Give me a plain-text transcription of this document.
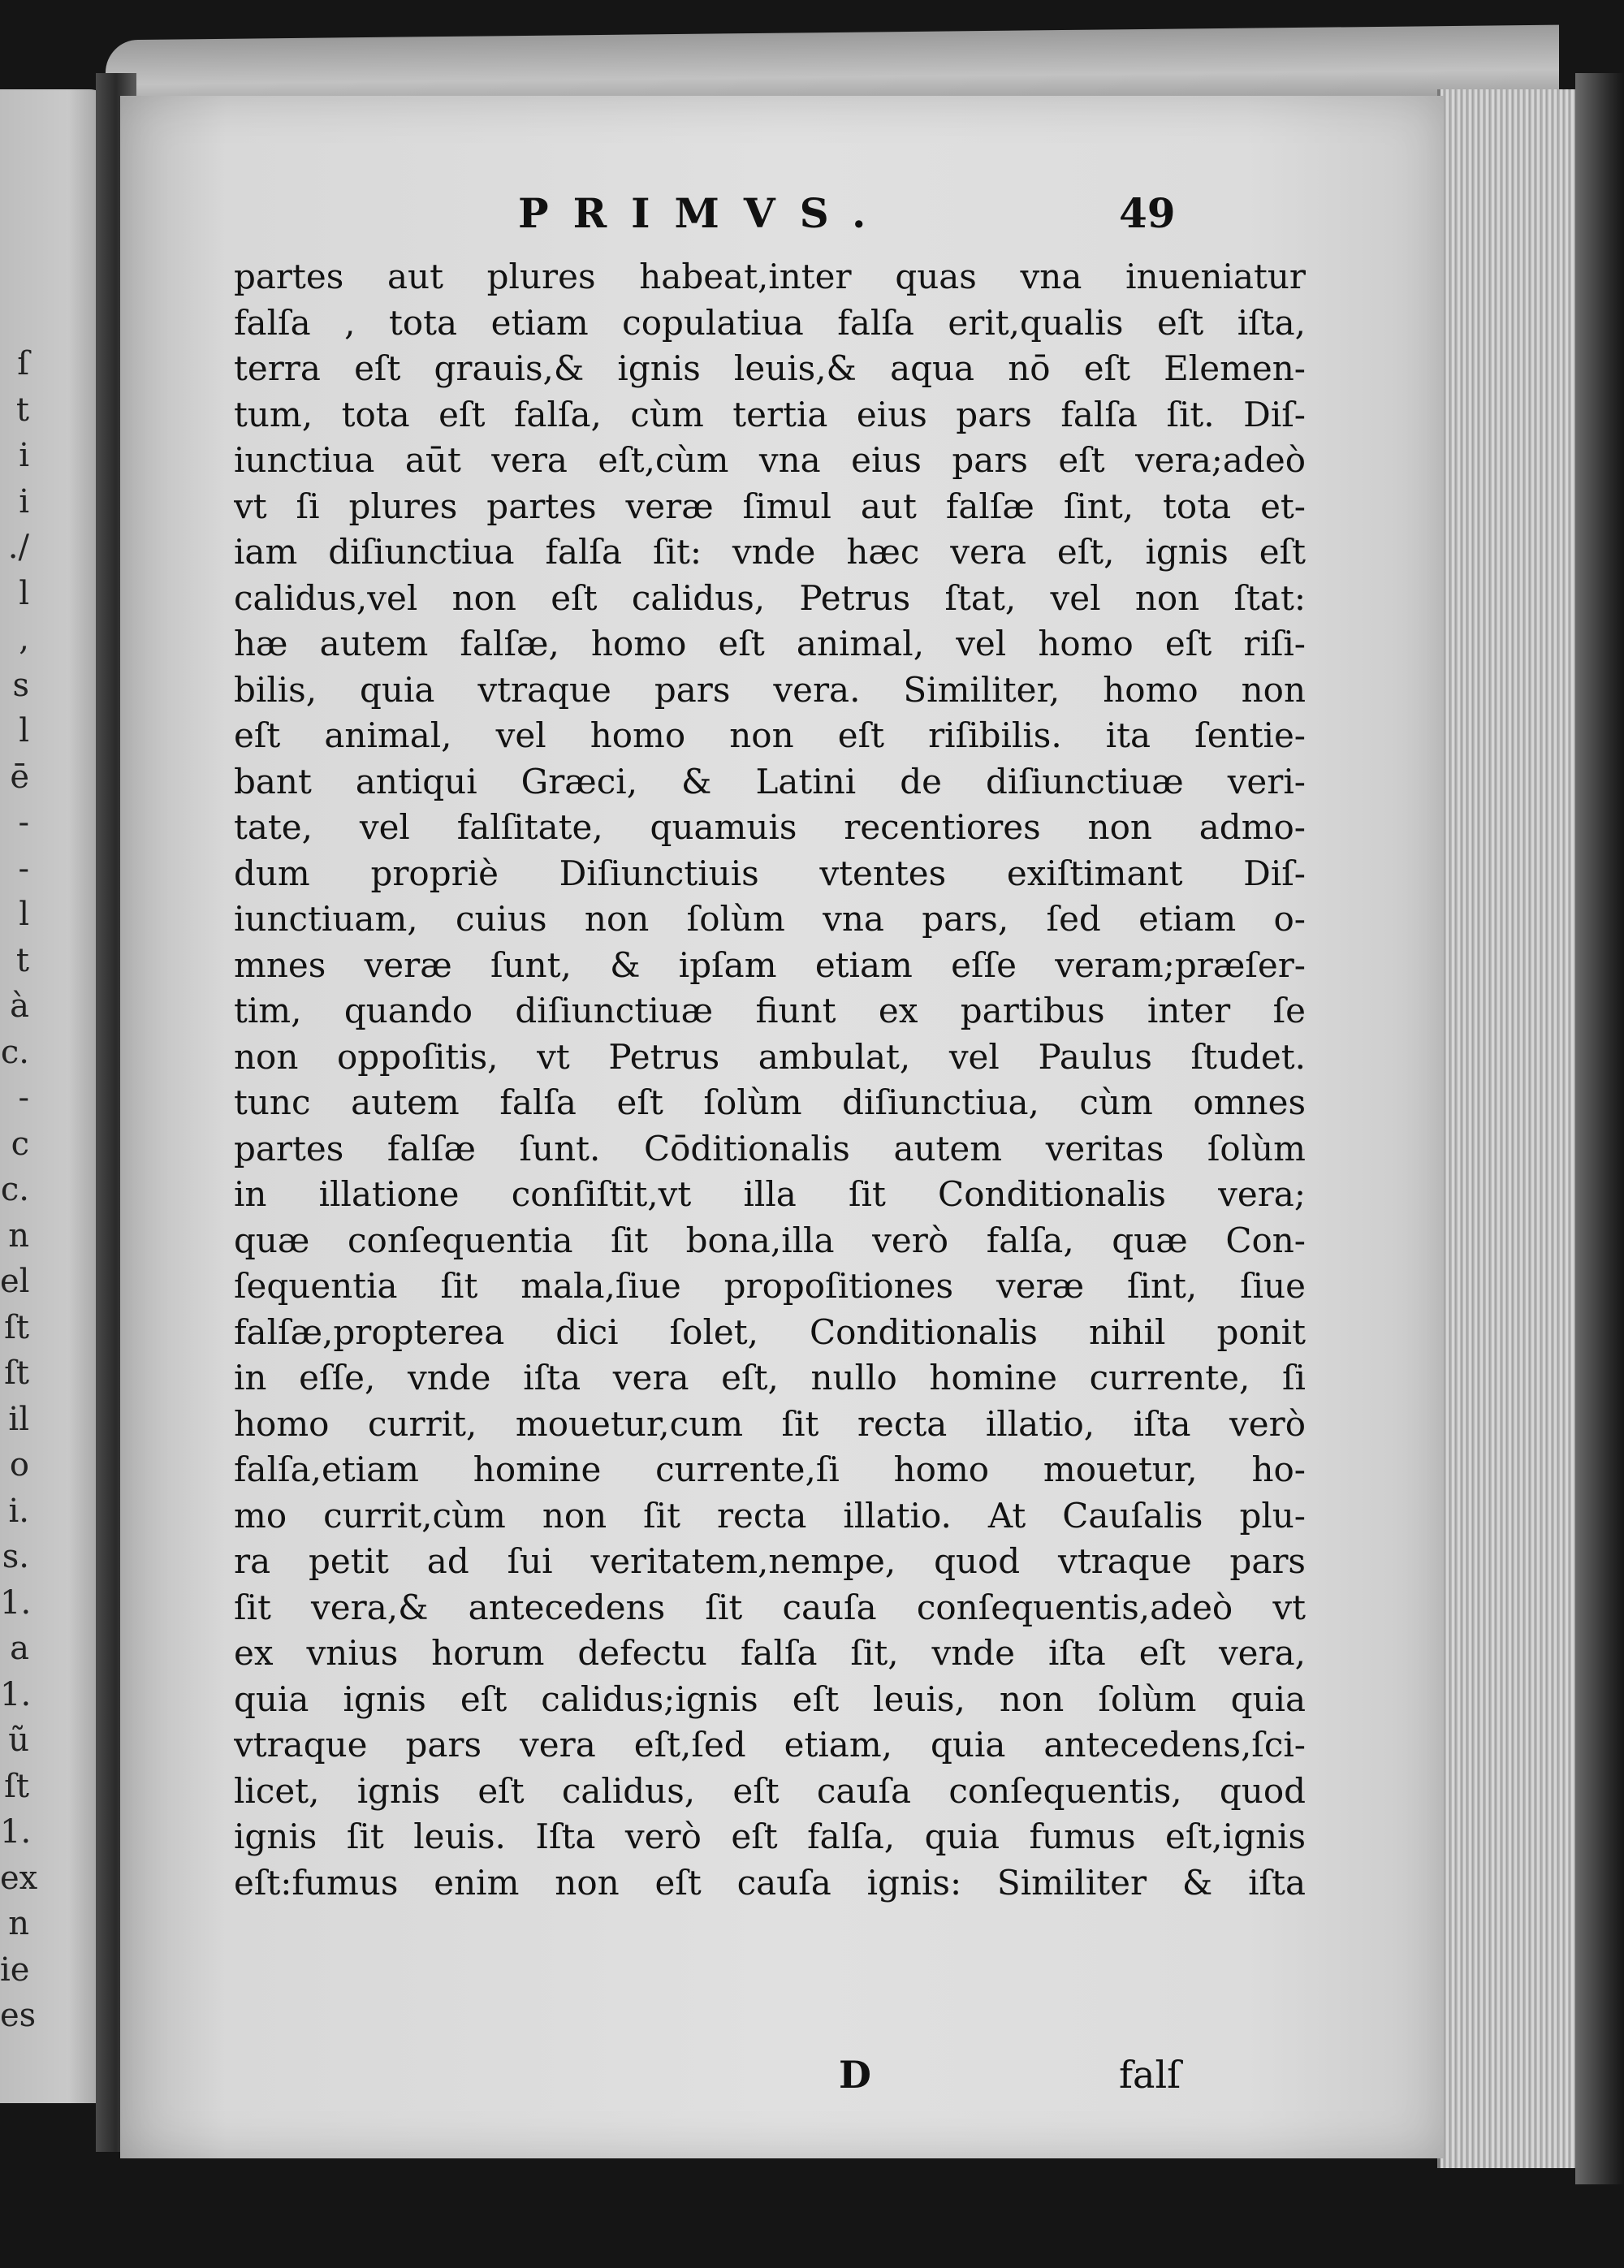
ſ
t
i
i
./
l
,
s
l
ē
-
-
l
t
à
c.
-
c
c.
n
el
ſt
ſt
il
o
i.
s.
1.
a
1.
ũ
ſt
1.
ex
n
ie
es
PRIMVS.	49
partes aut plures habeat,inter quas vna inueniatur
falſa , tota etiam copulatiua falſa erit,qualis eſt iſta,
terra eſt grauis,& ignis leuis,& aqua nō eſt Elemen-
tum, tota eſt falſa, cùm tertia eius pars falſa ſit. Diſ-
iunctiua aūt vera eſt,cùm vna eius pars eſt vera;adeò
vt ſi plures partes veræ ſimul aut falſæ ſint, tota et-
iam diſiunctiua falſa ſit: vnde hæc vera eſt, ignis eſt
calidus,vel non eſt calidus, Petrus ſtat, vel non ſtat:
hæ autem falſæ, homo eſt animal, vel homo eſt riſi-
bilis, quia vtraque pars vera. Similiter, homo non
eſt animal, vel homo non eſt riſibilis. ita ſentie-
bant antiqui Græci, & Latini de diſiunctiuæ veri-
tate, vel falſitate, quamuis recentiores non admo-
dum propriè Diſiunctiuis vtentes exiſtimant Diſ-
iunctiuam, cuius non ſolùm vna pars, ſed etiam o-
mnes veræ ſunt, & ipſam etiam eſſe veram;præſer-
tim, quando diſiunctiuæ fiunt ex partibus inter ſe
non oppoſitis, vt Petrus ambulat, vel Paulus ſtudet.
tunc autem falſa eſt ſolùm diſiunctiua, cùm omnes
partes falſæ ſunt. Cōditionalis autem veritas ſolùm
in illatione conſiſtit,vt illa ſit Conditionalis vera;
quæ conſequentia ſit bona,illa verò falſa, quæ Con-
ſequentia ſit mala,ſiue propoſitiones veræ ſint, ſiue
falſæ,propterea dici ſolet, Conditionalis nihil ponit
in eſſe, vnde iſta vera eſt, nullo homine currente, ſi
homo currit, mouetur,cum ſit recta illatio, iſta verò
falſa,etiam homine currente,ſi homo mouetur, ho-
mo currit,cùm non ſit recta illatio. At Cauſalis plu-
ra petit ad ſui veritatem,nempe, quod vtraque pars
ſit vera,& antecedens ſit cauſa conſequentis,adeò vt
ex vnius horum defectu falſa ſit, vnde iſta eſt vera,
quia ignis eſt calidus;ignis eſt leuis, non ſolùm quia
vtraque pars vera eſt,ſed etiam, quia antecedens,ſci-
licet, ignis eſt calidus, eſt cauſa conſequentis, quod
ignis ſit leuis. Iſta verò eſt falſa, quia fumus eſt,ignis
eſt:fumus enim non eſt cauſa ignis: Similiter & iſta
D	falſ
